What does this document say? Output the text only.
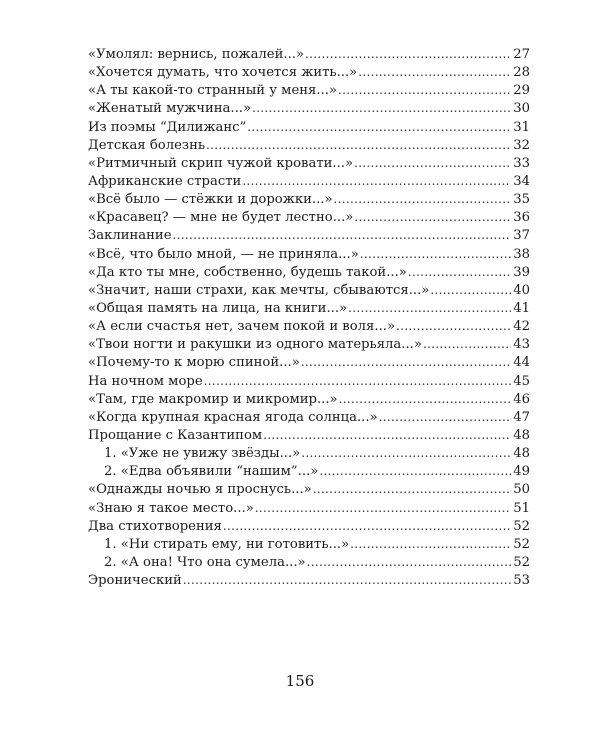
«Умолял: вернись, пожалей...» .....	27
«Хочется думать, что хочется жить...» .....	28
«А ты какой-то странный у меня...» .....	29
«Женатый мужчина...» .....	30
Из поэмы “Дилижанс” .....	31
Детская болезнь .....	32
«Ритмичный скрип чужой кровати...» .....	33
Африканские страсти .....	34
«Всё было — стёжки и дорожки...» .....	35
«Красавец? — мне не будет лестно...» .....	36
Заклинание .....	37
«Всё, что было мной, — не приняла...» .....	38
«Да кто ты мне, собственно, будешь такой...» .....	39
«Значит, наши страхи, как мечты, сбываются...» .....	40
«Общая память на лица, на книги...» .....	41
«А если счастья нет, зачем покой и воля...» .....	42
«Твои ногти и ракушки из одного матерьяла...» .....	43
«Почему-то к морю спиной...» .....	44
На ночном море .....	45
«Там, где макромир и микромир...» .....	46
«Когда крупная красная ягода солнца...» .....	47
Прощание с Казантипом .....	48
1. «Уже не увижу звёзды...» .....	48
2. «Едва объявили “нашим”...» .....	49
«Однажды ночью я проснусь...» .....	50
«Знаю я такое место...» .....	51
Два стихотворения .....	52
1. «Ни стирать ему, ни готовить...» .....	52
2. «А она! Что она сумела...» .....	52
Эронический .....	53
156
